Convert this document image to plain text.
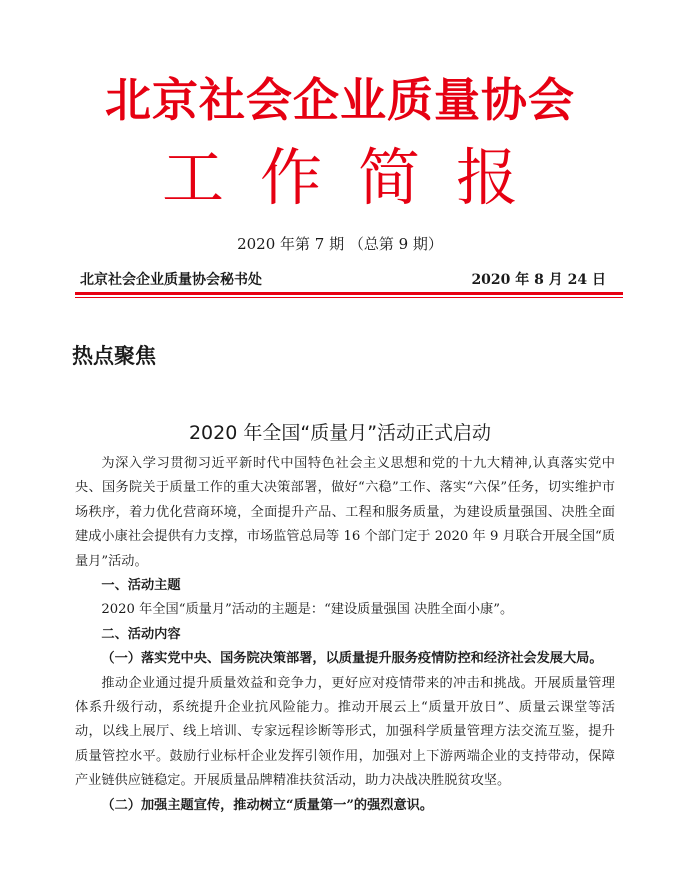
北京社会企业质量协会
工作简报
2020 年第 7 期 （总第 9 期）
北京社会企业质量协会秘书处	2020 年 8 月 24 日
热点聚焦
2020 年全国“质量月”活动正式启动

为深入学习贯彻习近平新时代中国特色社会主义思想和党的十九大精神,认真落实党中央、国务院关于质量工作的重大决策部署，做好“六稳”工作、落实“六保”任务，切实维护市场秩序，着力优化营商环境，全面提升产品、工程和服务质量，为建设质量强国、决胜全面建成小康社会提供有力支撑，市场监管总局等 16 个部门定于 2020 年 9 月联合开展全国“质量月”活动。

一、活动主题

2020 年全国“质量月”活动的主题是：“建设质量强国 决胜全面小康”。

二、活动内容

（一）落实党中央、国务院决策部署，以质量提升服务疫情防控和经济社会发展大局。

推动企业通过提升质量效益和竞争力，更好应对疫情带来的冲击和挑战。开展质量管理体系升级行动，系统提升企业抗风险能力。推动开展云上“质量开放日”、质量云课堂等活动，以线上展厅、线上培训、专家远程诊断等形式，加强科学质量管理方法交流互鉴，提升质量管控水平。鼓励行业标杆企业发挥引领作用，加强对上下游两端企业的支持带动，保障产业链供应链稳定。开展质量品牌精准扶贫活动，助力决战决胜脱贫攻坚。

（二）加强主题宣传，推动树立“质量第一”的强烈意识。
